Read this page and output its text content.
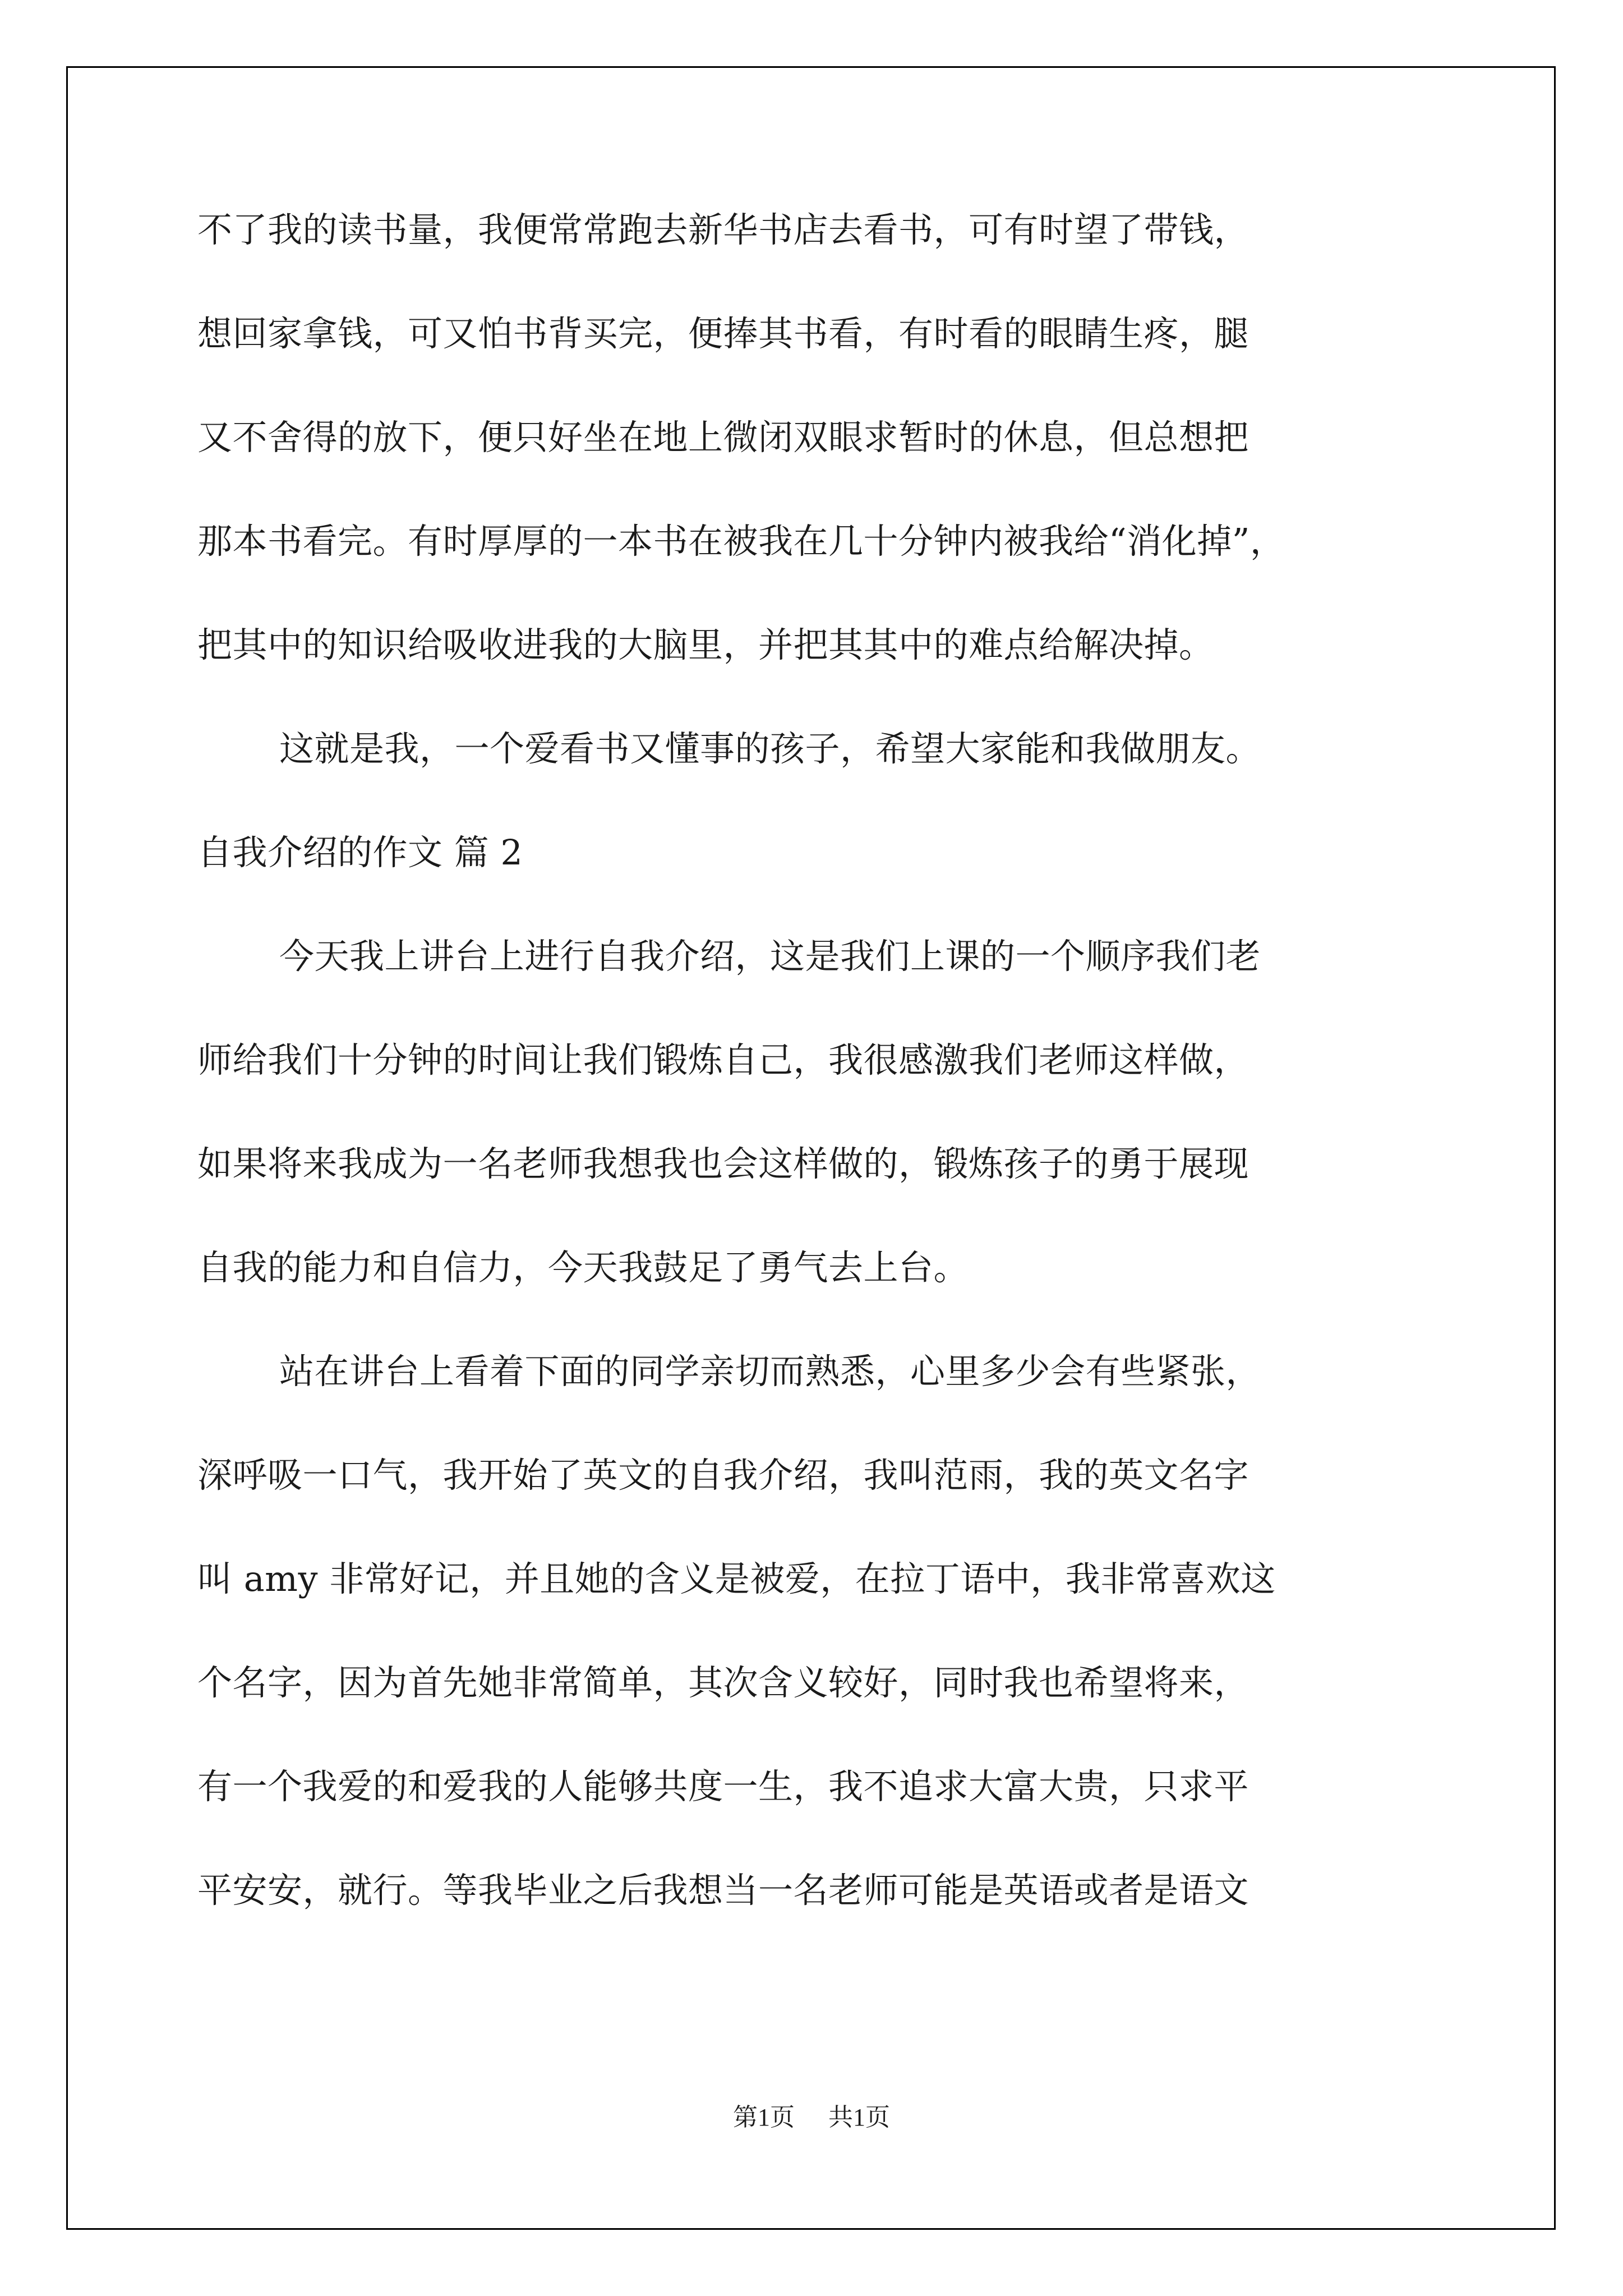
不了我的读书量，我便常常跑去新华书店去看书，可有时望了带钱，
想回家拿钱，可又怕书背买完，便捧其书看，有时看的眼睛生疼，腿
又不舍得的放下，便只好坐在地上微闭双眼求暂时的休息，但总想把
那本书看完。有时厚厚的一本书在被我在几十分钟内被我给“消化掉”，
把其中的知识给吸收进我的大脑里，并把其其中的难点给解决掉。
这就是我，一个爱看书又懂事的孩子，希望大家能和我做朋友。
自我介绍的作文 篇 2
今天我上讲台上进行自我介绍，这是我们上课的一个顺序我们老
师给我们十分钟的时间让我们锻炼自己，我很感激我们老师这样做，
如果将来我成为一名老师我想我也会这样做的，锻炼孩子的勇于展现
自我的能力和自信力，今天我鼓足了勇气去上台。
站在讲台上看着下面的同学亲切而熟悉，心里多少会有些紧张，
深呼吸一口气，我开始了英文的自我介绍，我叫范雨，我的英文名字
叫 amy 非常好记，并且她的含义是被爱，在拉丁语中，我非常喜欢这
个名字，因为首先她非常简单，其次含义较好，同时我也希望将来，
有一个我爱的和爱我的人能够共度一生，我不追求大富大贵，只求平
平安安，就行。等我毕业之后我想当一名老师可能是英语或者是语文
第1页 共1页
